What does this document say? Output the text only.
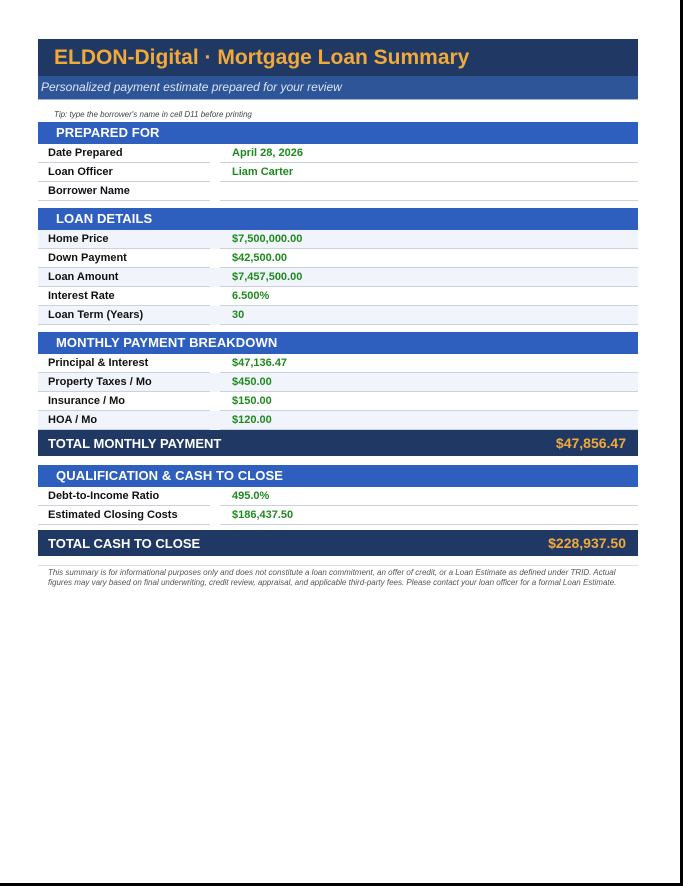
ELDON-Digital · Mortgage Loan Summary
Personalized payment estimate prepared for your review
Tip: type the borrower's name in cell D11 before printing
PREPARED FOR
Date Prepared	April 28, 2026
Loan Officer	Liam Carter
Borrower Name
LOAN DETAILS
Home Price	$7,500,000.00
Down Payment	$42,500.00
Loan Amount	$7,457,500.00
Interest Rate	6.500%
Loan Term (Years)	30
MONTHLY PAYMENT BREAKDOWN
Principal & Interest	$47,136.47
Property Taxes / Mo	$450.00
Insurance / Mo	$150.00
HOA / Mo	$120.00
TOTAL MONTHLY PAYMENT	$47,856.47
QUALIFICATION & CASH TO CLOSE
Debt-to-Income Ratio	495.0%
Estimated Closing Costs	$186,437.50
TOTAL CASH TO CLOSE	$228,937.50
This summary is for informational purposes only and does not constitute a loan commitment, an offer of credit, or a Loan Estimate as defined under TRID. Actual figures may vary based on final underwriting, credit review, appraisal, and applicable third-party fees. Please contact your loan officer for a formal Loan Estimate.
